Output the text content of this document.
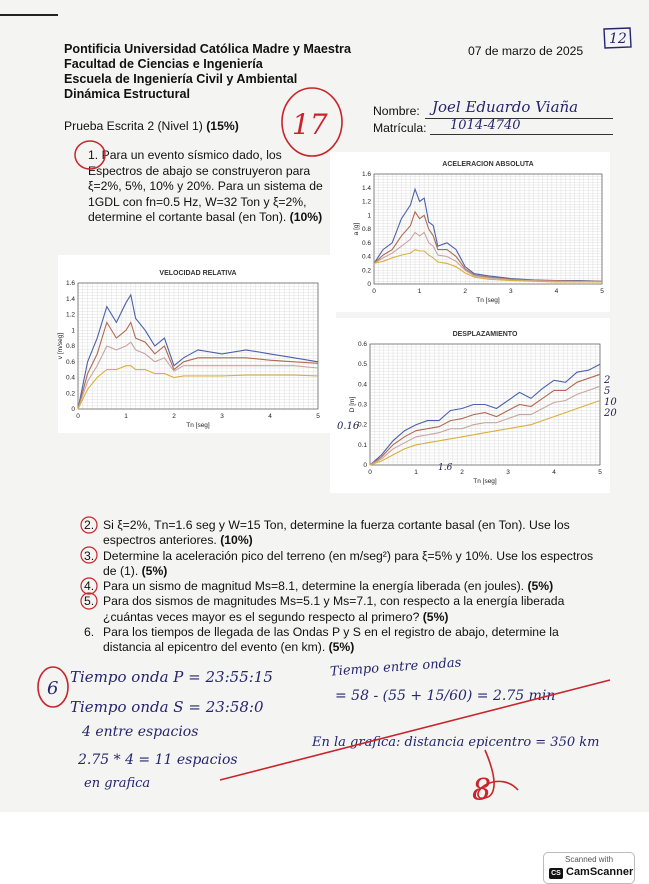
Pontificia Universidad Católica Madre y Maestra
Facultad de Ciencias e Ingeniería
Escuela de Ingeniería Civil y Ambiental
Dinámica Estructural
07 de marzo de 2025
12
Nombre: Joel Eduardo Viaña
Matrícula: 1014-4740
Prueba Escrita 2 (Nivel 1) (15%) 17
1. Para un evento sísmico dado, los Espectros de abajo se construyeron para ξ=2%, 5%, 10% y 20%. Para un sistema de 1GDL con fn=0.5 Hz, W=32 Ton y ξ=2%, determine el cortante basal (en Ton). (10%)
PGA
ACELERACION ABSOLUTA
0	1	2	3	4	5
0
0.2
0.4
0.6
0.8
1
1.2
1.4
1.6
Tn [seg]
a [g]
VELOCIDAD RELATIVA
0	1	2	3	4	5
0
0.2
0.4
0.6
0.8
1
1.2
1.4
1.6
Tn [seg]
v [m/seg]	DESPLAZAMIENTO
0	1	2	3	4	5
0
0.1
0.2
0.3
0.4
0.5
0.6
Tn [seg]
D [m]
0.16
1.6
2
5
10
20
2. Si ξ=2%, Tn=1.6 seg y W=15 Ton, determine la fuerza cortante basal (en Ton). Use los espectros anteriores. (10%)
3. Determine la aceleración pico del terreno (en m/seg²) para ξ=5% y 10%. Use los espectros de (1). (5%)
4. Para un sismo de magnitud Ms=8.1, determine la energía liberada (en joules). (5%)
5. Para dos sismos de magnitudes Ms=5.1 y Ms=7.1, con respecto a la energía liberada ¿cuántas veces mayor es el segundo respecto al primero? (5%)
6. Para los tiempos de llegada de las Ondas P y S en el registro de abajo, determine la distancia al epicentro del evento (en km). (5%)
6
Tiempo onda P = 23:55:15
Tiempo onda S = 23:58:0
4 entre espacios
2.75 * 4 = 11 espacios
en grafica
Tiempo entre ondas
= 58 - (55 + 15/60) = 2.75 min
En la grafica: distancia epicentro = 350 km
8
Scanned with
CS CamScanner
